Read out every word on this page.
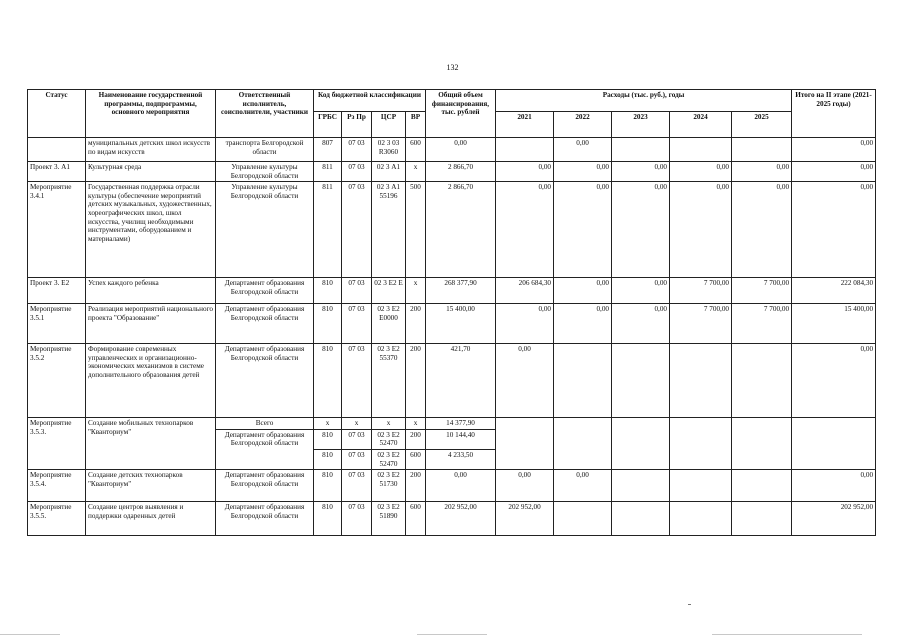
132
Статус	Наименование государственной программы, подпрограммы, основного мероприятия	Ответственный исполнитель, соисполнители, участники	Код бюджетной классификации				Общий объем финансирования, тыс. рублей	Расходы (тыс. руб.), годы					Итого на II этапе (2021-2025 годы)
			ГРБС	Рз Пр	ЦСР	ВР		2021	2022	2023	2024	2025	
	муниципальных детских школ искусств по видам искусств	транспорта Белгородской области	807	07 03	02 3 03 R3060	600	0,00		0,00				0,00
Проект 3. А1	Культурная среда	Управление культуры Белгородской области	811	07 03	02 3 А1	х	2 866,70	0,00	0,00	0,00	0,00	0,00	0,00
Мероприятие 3.4.1	Государственная поддержка отрасли культуры (обеспечение мероприятий детских музыкальных, художественных, хореографических школ, школ искусства, училищ необходимыми инструментами, оборудованием и материалами)	Управление культуры Белгородской области	811	07 03	02 3 А1 55196	500	2 866,70	0,00	0,00	0,00	0,00	0,00	0,00
Проект 3. Е2	Успех каждого ребенка	Департамент образования Белгородской области	810	07 03	02 3 Е2 Е	х	268 377,90	206 684,30	0,00	0,00	7 700,00	7 700,00	222 084,30
Мероприятие 3.5.1	Реализация мероприятий национального проекта "Образование"	Департамент образования Белгородской области	810	07 03	02 3 Е2 Е0000	200	15 400,00	0,00	0,00	0,00	7 700,00	7 700,00	15 400,00
Мероприятие 3.5.2	Формирование современных управленческих и организационно-экономических механизмов в системе дополнительного образования детей	Департамент образования Белгородской области	810	07 03	02 3 Е2 55370	200	421,70	0,00					0,00
Мероприятие 3.5.3.	Создание мобильных технопарков "Кванториум"	Всего	х	х	х	х	14 377,90						
		Департамент образования Белгородской области	810	07 03	02 3 Е2 52470	200	10 144,40						
			810	07 03	02 3 Е2 52470	600	4 233,50						
Мероприятие 3.5.4.	Создание детских технопарков "Кванториум"	Департамент образования Белгородской области	810	07 03	02 3 Е2 51730	200	0,00	0,00	0,00				0,00
Мероприятие 3.5.5.	Создание центров выявления и поддержки одаренных детей	Департамент образования Белгородской области	810	07 03	02 3 Е2 51890	600	202 952,00	202 952,00					202 952,00
